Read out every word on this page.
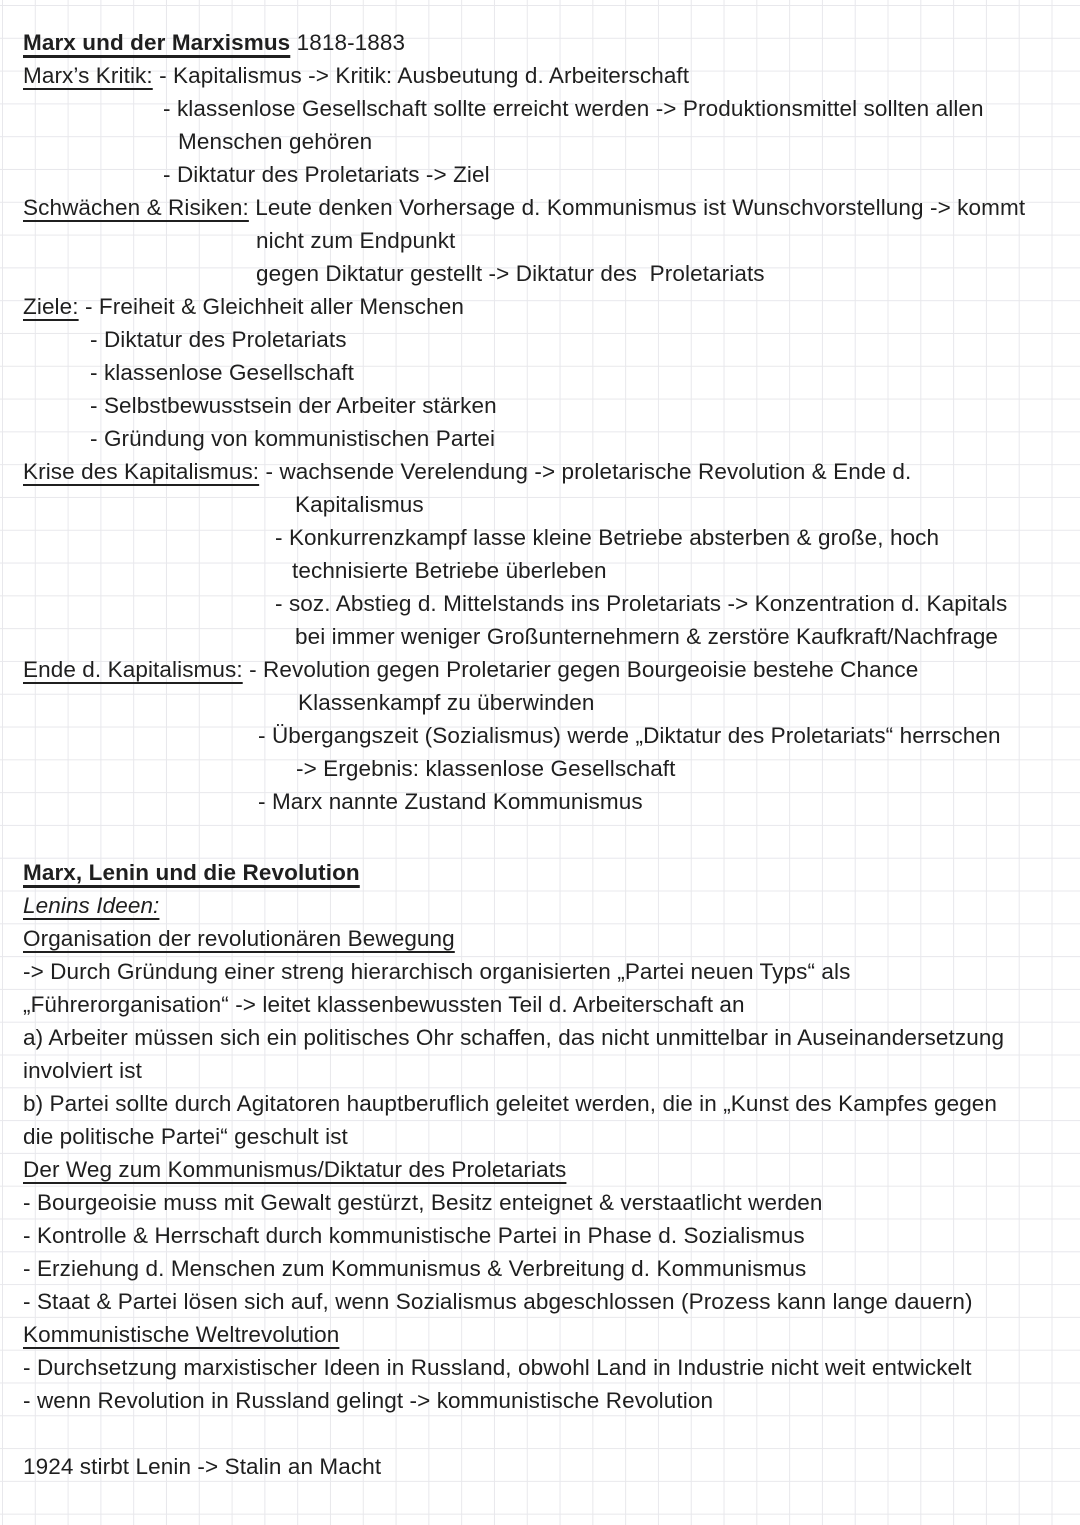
Marx und der Marxismus 1818-1883
Marx’s Kritik: - Kapitalismus -> Kritik: Ausbeutung d. Arbeiterschaft
- klassenlose Gesellschaft sollte erreicht werden -> Produktionsmittel sollten allen
Menschen gehören
- Diktatur des Proletariats -> Ziel
Schwächen & Risiken: Leute denken Vorhersage d. Kommunismus ist Wunschvorstellung -> kommt
nicht zum Endpunkt
gegen Diktatur gestellt -> Diktatur des  Proletariats
Ziele: - Freiheit & Gleichheit aller Menschen
- Diktatur des Proletariats
- klassenlose Gesellschaft
- Selbstbewusstsein der Arbeiter stärken
- Gründung von kommunistischen Partei
Krise des Kapitalismus: - wachsende Verelendung -> proletarische Revolution & Ende d.
Kapitalismus
- Konkurrenzkampf lasse kleine Betriebe absterben & große, hoch
technisierte Betriebe überleben
- soz. Abstieg d. Mittelstands ins Proletariats -> Konzentration d. Kapitals
bei immer weniger Großunternehmern & zerstöre Kaufkraft/Nachfrage
Ende d. Kapitalismus: - Revolution gegen Proletarier gegen Bourgeoisie bestehe Chance
Klassenkampf zu überwinden
- Übergangszeit (Sozialismus) werde „Diktatur des Proletariats“ herrschen
-> Ergebnis: klassenlose Gesellschaft
- Marx nannte Zustand Kommunismus
Marx, Lenin und die Revolution
Lenins Ideen:
Organisation der revolutionären Bewegung
-> Durch Gründung einer streng hierarchisch organisierten „Partei neuen Typs“ als
„Führerorganisation“ -> leitet klassenbewussten Teil d. Arbeiterschaft an
a) Arbeiter müssen sich ein politisches Ohr schaffen, das nicht unmittelbar in Auseinandersetzung
involviert ist
b) Partei sollte durch Agitatoren hauptberuflich geleitet werden, die in „Kunst des Kampfes gegen
die politische Partei“ geschult ist
Der Weg zum Kommunismus/Diktatur des Proletariats
- Bourgeoisie muss mit Gewalt gestürzt, Besitz enteignet & verstaatlicht werden
- Kontrolle & Herrschaft durch kommunistische Partei in Phase d. Sozialismus
- Erziehung d. Menschen zum Kommunismus & Verbreitung d. Kommunismus
- Staat & Partei lösen sich auf, wenn Sozialismus abgeschlossen (Prozess kann lange dauern)
Kommunistische Weltrevolution
- Durchsetzung marxistischer Ideen in Russland, obwohl Land in Industrie nicht weit entwickelt
- wenn Revolution in Russland gelingt -> kommunistische Revolution
1924 stirbt Lenin -> Stalin an Macht
